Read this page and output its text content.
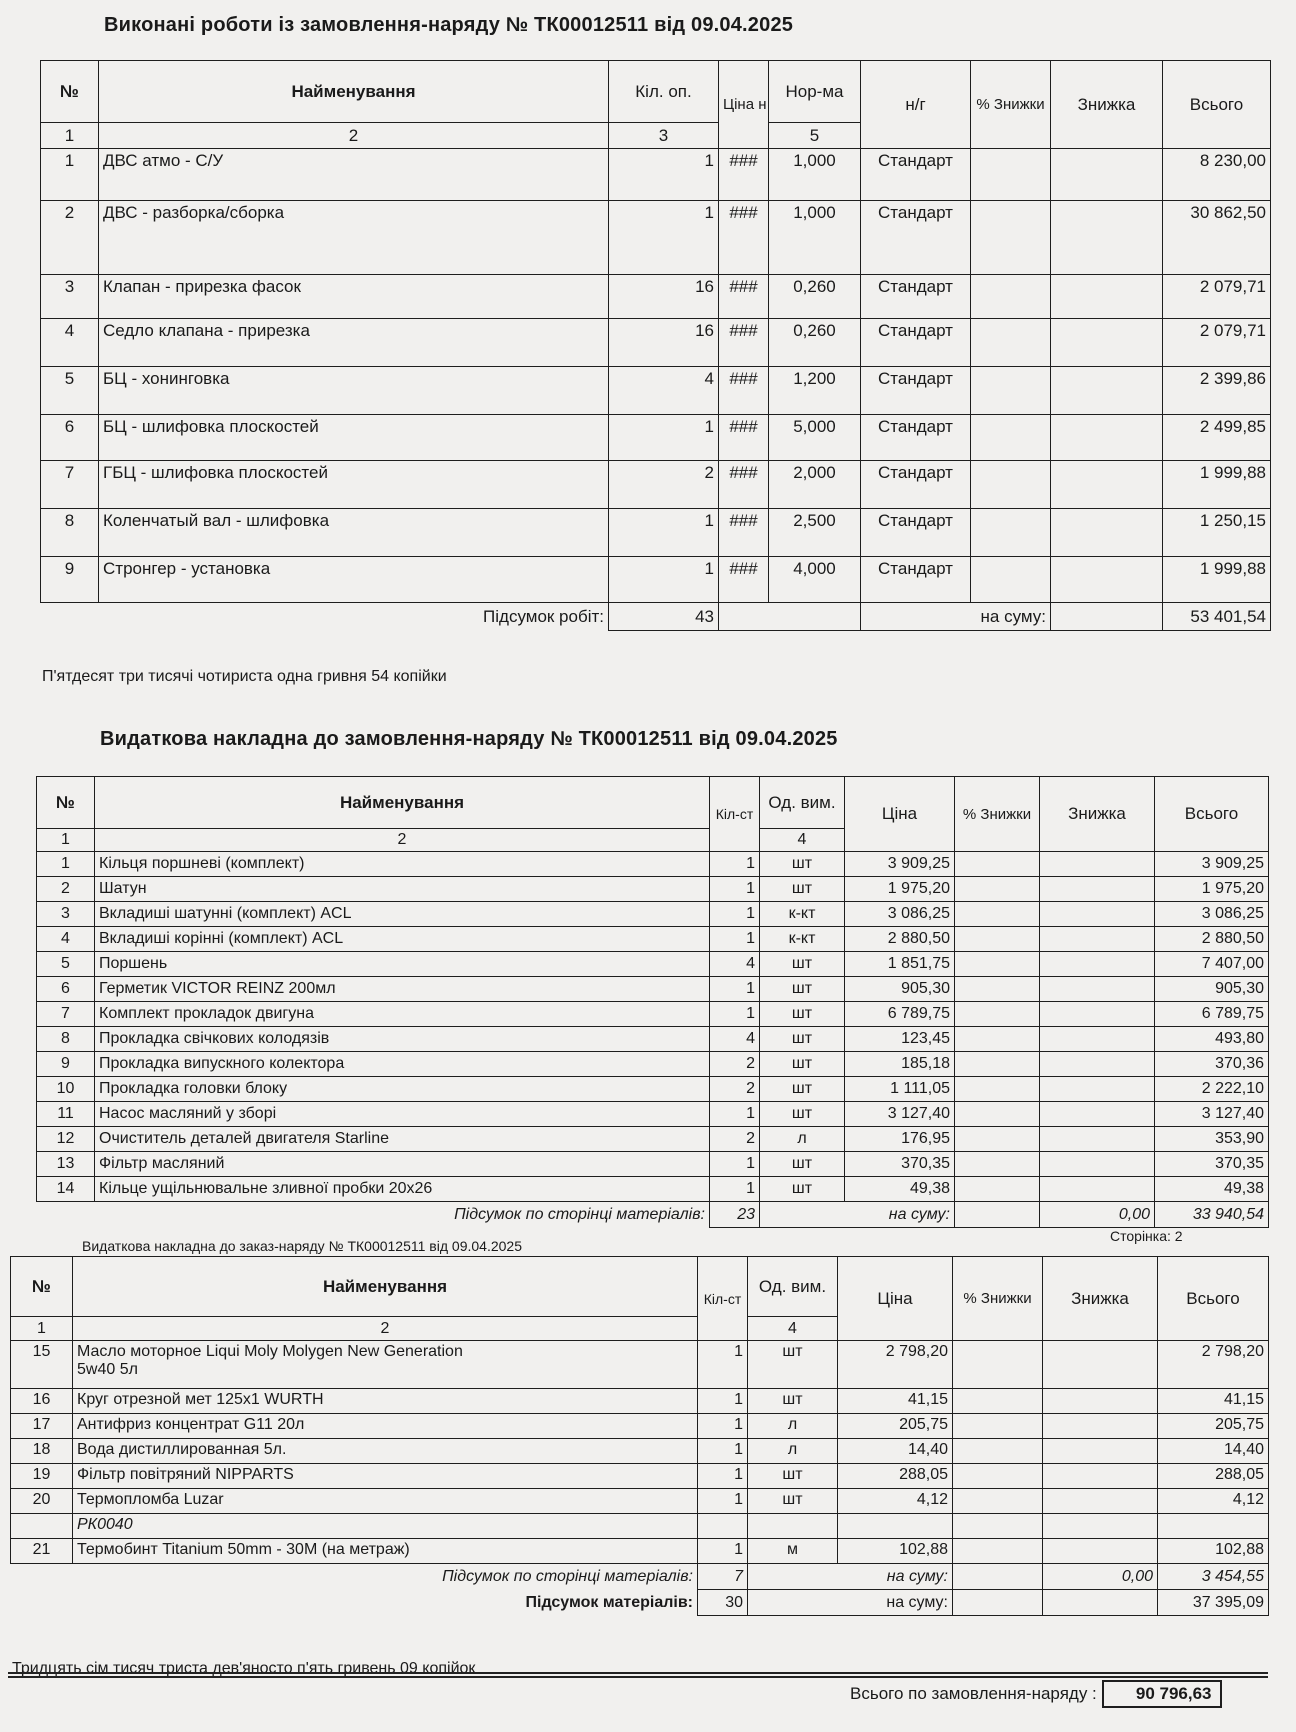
Виконані роботи із замовлення-наряду № ТК00012511 від 09.04.2025
№	Найменування	Кіл. оп.	Ціна н	Нор-ма	н/г	% Знижки	Знижка	Всього
1	2	3		5				
1	ДВС атмо - С/У	1	###	1,000	Стандарт			8 230,00
2	ДВС - разборка/сборка	1	###	1,000	Стандарт			30 862,50
3	Клапан - прирезка фасок	16	###	0,260	Стандарт			2 079,71
4	Седло клапана - прирезка	16	###	0,260	Стандарт			2 079,71
5	БЦ - хонинговка	4	###	1,200	Стандарт			2 399,86
6	БЦ - шлифовка плоскостей	1	###	5,000	Стандарт			2 499,85
7	ГБЦ - шлифовка плоскостей	2	###	2,000	Стандарт			1 999,88
8	Коленчатый вал - шлифовка	1	###	2,500	Стандарт			1 250,15
9	Стронгер - установка	1	###	4,000	Стандарт			1 999,88
Підсумок робіт:		43			на суму:			53 401,54
П'ятдесят три тисячі чотириста одна гривня 54 копійки
Видаткова накладна до замовлення-наряду № ТК00012511 від 09.04.2025
№	Найменування	Кіл-ст	Од. вим.	Ціна	% Знижки	Знижка	Всього
1	2		4				
1	Кільця поршневі (комплект)	1	шт	3 909,25			3 909,25
2	Шатун	1	шт	1 975,20			1 975,20
3	Вкладиші шатунні (комплект) ACL	1	к-кт	3 086,25			3 086,25
4	Вкладиші корінні (комплект) ACL	1	к-кт	2 880,50			2 880,50
5	Поршень	4	шт	1 851,75			7 407,00
6	Герметик VICTOR REINZ 200мл	1	шт	905,30			905,30
7	Комплект прокладок двигуна	1	шт	6 789,75			6 789,75
8	Прокладка свічкових колодязів	4	шт	123,45			493,80
9	Прокладка випускного колектора	2	шт	185,18			370,36
10	Прокладка головки блоку	2	шт	1 111,05			2 222,10
11	Насос масляний у зборі	1	шт	3 127,40			3 127,40
12	Очиститель деталей двигателя Starline	2	л	176,95			353,90
13	Фільтр масляний	1	шт	370,35			370,35
14	Кільце ущільнювальне зливної пробки 20х26	1	шт	49,38			49,38
Підсумок по сторінці матеріалів:		23	на суму:			0,00	33 940,54
Сторінка: 2
Видаткова накладна до заказ-наряду № ТК00012511 від 09.04.2025
№	Найменування	Кіл-ст	Од. вим.	Ціна	% Знижки	Знижка	Всього
1	2		4				
15	Масло моторное Liqui Moly Molygen New Generation
5w40 5л	1	шт	2 798,20			2 798,20
16	Круг отрезной мет 125х1 WURTH	1	шт	41,15			41,15
17	Антифриз концентрат G11 20л	1	л	205,75			205,75
18	Вода дистиллированная 5л.	1	л	14,40			14,40
19	Фільтр повітряний NIPPARTS	1	шт	288,05			288,05
20	Термопломба Luzar	1	шт	4,12			4,12

	РК0040						

21	Термобинт Titanium 50mm - 30M (на метраж)	1	м	102,88			102,88
Підсумок по сторінці матеріалів:		7	на суму:			0,00	3 454,55
Підсумок матеріалів:		30	на суму:				37 395,09
Тридцять сім тисяч триста дев'яносто п'ять гривень 09 копійок
Всього по замовлення-наряду : 90 796,63
